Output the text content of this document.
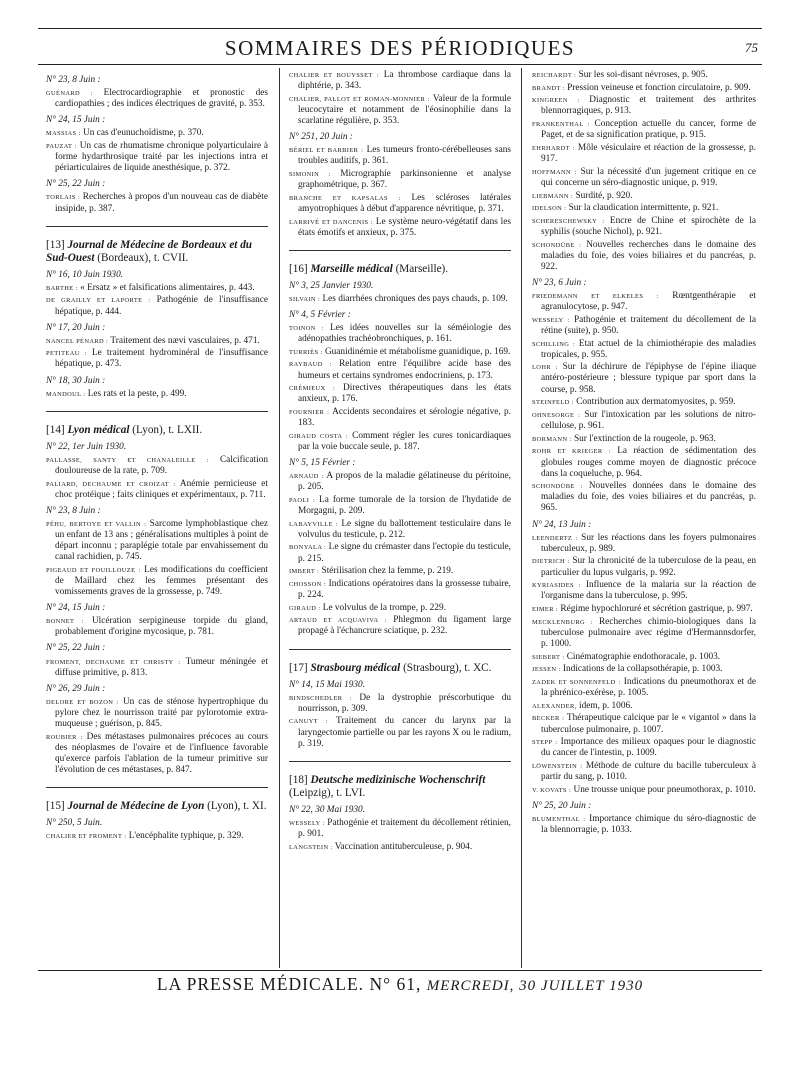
SOMMAIRES DES PÉRIODIQUES	75
N° 23, 8 Juin :
GUÉNARD : Electrocardiographie et pronostic des cardiopathies ; des indices électriques de gravité, p. 353.
N° 24, 15 Juin :
MASSIAS : Un cas d'eunuchoïdisme, p. 370.
PAUZAT : Un cas de rhumatisme chronique polyarticulaire à forme hydarthrosique traité par les injections intra et périarticulaires de liquide anesthésique, p. 372.
N° 25, 22 Juin :
TORLAIS : Recherches à propos d'un nouveau cas de diabète insipide, p. 387.
[13] Journal de Médecine de Bordeaux et du Sud-Ouest (Bordeaux), t. CVII.
N° 16, 10 Juin 1930.
BARTHE : « Ersatz » et falsifications alimentaires, p. 443.
DE GRAILLY ET LAPORTE : Pathogénie de l'insuffisance hépatique, p. 444.
N° 17, 20 Juin :
NANCEL PÉNARD : Traitement des nævi vasculaires, p. 471.
PETITEAU : Le traitement hydrominéral de l'insuffisance hépatique, p. 473.
N° 18, 30 Juin :
MANDOUL : Les rats et la peste, p. 499.
[14] Lyon médical (Lyon), t. LXII.
N° 22, 1er Juin 1930.
PALLASSE, SANTY ET CHANALEILLE : Calcification douloureuse de la rate, p. 709.
PALIARD, DECHAUME ET CROIZAT : Anémie pernicieuse et choc protéique ; faits cliniques et expérimentaux, p. 711.
N° 23, 8 Juin :
PÉHU, BERTOYE ET VALLIN : Sarcome lymphoblastique chez un enfant de 13 ans ; généralisations multiples à point de départ inconnu ; paraplégie totale par envahissement du canal rachidien, p. 745.
PIGEAUD ET FOUILLOUZE : Les modifications du coefficient de Maillard chez les femmes présentant des vomissements graves de la grossesse, p. 749.
N° 24, 15 Juin :
BONNET : Ulcération serpigineuse torpide du gland, probablement d'origine mycosique, p. 781.
N° 25, 22 Juin :
FROMENT, DECHAUME ET CHRISTY : Tumeur méningée et diffuse primitive, p. 813.
N° 26, 29 Juin :
DELORE ET BOZON : Un cas de sténose hypertrophique du pylore chez le nourrisson traité par pylorotomie extra-muqueuse ; guérison, p. 845.
ROUBIER : Des métastases pulmonaires précoces au cours des néoplasmes de l'ovaire et de l'influence favorable qu'exerce parfois l'ablation de la tumeur primitive sur l'évolution de ces métastases, p. 847.
[15] Journal de Médecine de Lyon (Lyon), t. XI.
N° 250, 5 Juin.
CHALIER ET FROMENT : L'encéphalite typhique, p. 329.
CHALIER ET BOUYSSET : La thrombose cardiaque dans la diphtérie, p. 343.
CHALIER, PALLOT ET ROMAN-MONNIER : Valeur de la formule leucocytaire et notamment de l'éosinophilie dans la scarlatine régulière, p. 353.
N° 251, 20 Juin :
BÉRIEL ET BARBIER : Les tumeurs fronto-cérébelleuses sans troubles auditifs, p. 361.
SIMONIN : Micrographie parkinsonienne et analyse graphométrique, p. 367.
BRANCHE ET KAPSALAS : Les scléroses latérales amyotrophiques à début d'apparence névritique, p. 371.
LARRIVÉ ET DANCENIS : Le système neuro-végétatif dans les états émotifs et anxieux, p. 375.
[16] Marseille médical (Marseille).
N° 3, 25 Janvier 1930.
SILVAIN : Les diarrhées chroniques des pays chauds, p. 109.
N° 4, 5 Février :
TOINON : Les idées nouvelles sur la séméiologie des adénopathies trachéobronchiques, p. 161.
TURRIÈS : Guanidinémie et métabolisme guanidique, p. 169.
RAYBAUD : Relation entre l'équilibre acide base des humeurs et certains syndromes endocriniens, p. 173.
CRÉMIEUX : Directives thérapeutiques dans les états anxieux, p. 176.
FOURNIER : Accidents secondaires et sérologie négative, p. 183.
GIRAUD COSTA : Comment régler les cures tonicardiaques par la voie buccale seule, p. 187.
N° 5, 15 Février :
ARNAUD : A propos de la maladie gélatineuse du péritoine, p. 205.
PAOLI : La forme tumorale de la torsion de l'hydatide de Morgagni, p. 209.
LABAYVILLE : Le signe du ballottement testiculaire dans le volvulus du testicule, p. 212.
BONYALA : Le signe du crémaster dans l'ectopie du testicule, p. 215.
IMBERT : Stérilisation chez la femme, p. 219.
CHOSSON : Indications opératoires dans la grossesse tubaire, p. 224.
GIRAUD : Le volvulus de la trompe, p. 229.
ARTAUD ET ACQUAVIVA : Phlegmon du ligament large propagé à l'échancrure sciatique, p. 232.
[17] Strasbourg médical (Strasbourg), t. XC.
N° 14, 15 Mai 1930.
BINDSCHEDLER : De la dystrophie préscorbutique du nourrisson, p. 309.
CANUYT : Traitement du cancer du larynx par la laryngectomie partielle ou par les rayons X ou le radium, p. 319.
[18] Deutsche medizinische Wochenschrift (Leipzig), t. LVI.
N° 22, 30 Mai 1930.
WESSELY : Pathogénie et traitement du décollement rétinien, p. 901.
LANGSTEIN : Vaccination antituberculeuse, p. 904.
REICHARDT : Sur les soi-disant névroses, p. 905.
BRANDT : Pression veineuse et fonction circulatoire, p. 909.
KINGREEN : Diagnostic et traitement des arthrites blennorragiques, p. 913.
FRANKENTHAL : Conception actuelle du cancer, forme de Paget, et de sa signification pratique, p. 915.
EHRHARDT : Môle vésiculaire et réaction de la grossesse, p. 917.
HOFFMANN : Sur la nécessité d'un jugement critique en ce qui concerne un séro-diagnostic unique, p. 919.
LIEBMANN : Surdité, p. 920.
IDELSON : Sur la claudication intermittente, p. 921.
SCHERESCHEWSKY : Encre de Chine et spirochète de la syphilis (souche Nichol), p. 921.
SCHONDÜBE : Nouvelles recherches dans le domaine des maladies du foie, des voies biliaires et du pancréas, p. 922.
N° 23, 6 Juin :
FRIEDEMANN ET ELKELES : Rœntgenthérapie et agranulocytose, p. 947.
WESSELY : Pathogénie et traitement du décollement de la rétine (suite), p. 950.
SCHILLING : Etat actuel de la chimiothérapie des maladies tropicales, p. 955.
LOHR : Sur la déchirure de l'épiphyse de l'épine iliaque antéro-postérieure ; blessure typique par sport dans la course, p. 958.
STEINFELD : Contribution aux dermatomyosites, p. 959.
OHNESORGE : Sur l'intoxication par les solutions de nitro-cellulose, p. 961.
BORMANN : Sur l'extinction de la rougeole, p. 963.
ROHR ET KRIEGER : La réaction de sédimentation des globules rouges comme moyen de diagnostic précoce dans la coqueluche, p. 964.
SCHONDÜBE : Nouvelles données dans le domaine des maladies du foie, des voies biliaires et du pancréas, p. 965.
N° 24, 13 Juin :
LEENDERTZ : Sur les réactions dans les foyers pulmonaires tuberculeux, p. 989.
DIETRICH : Sur la chronicité de la tuberculose de la peau, en particulier du lupus vulgaris, p. 992.
KYRIASIDES : Influence de la malaria sur la réaction de l'organisme dans la tuberculose, p. 995.
EIMER : Régime hypochloruré et sécrétion gastrique, p. 997.
MECKLENBURG : Recherches chimio-biologiques dans la tuberculose pulmonaire avec régime d'Hermannsdorfer, p. 1000.
SIEBERT : Cinématographie endothoracale, p. 1003.
JESSEN : Indications de la collapsothérapie, p. 1003.
ZADEK ET SONNENFELD : Indications du pneumothorax et de la phrénico-exérèse, p. 1005.
ALEXANDER, idem, p. 1006.
BECKER : Thérapeutique calcique par le « vigantol » dans la tuberculose pulmonaire, p. 1007.
STEPP : Importance des milieux opaques pour le diagnostic du cancer de l'intestin, p. 1009.
LÖWENSTEIN : Méthode de culture du bacille tuberculeux à partir du sang, p. 1010.
V. KOVATS : Une trousse unique pour pneumothorax, p. 1010.
N° 25, 20 Juin :
BLUMENTHAL : Importance chimique du séro-diagnostic de la blennorragie, p. 1033.
LA PRESSE MÉDICALE. N° 61, MERCREDI, 30 JUILLET 1930
